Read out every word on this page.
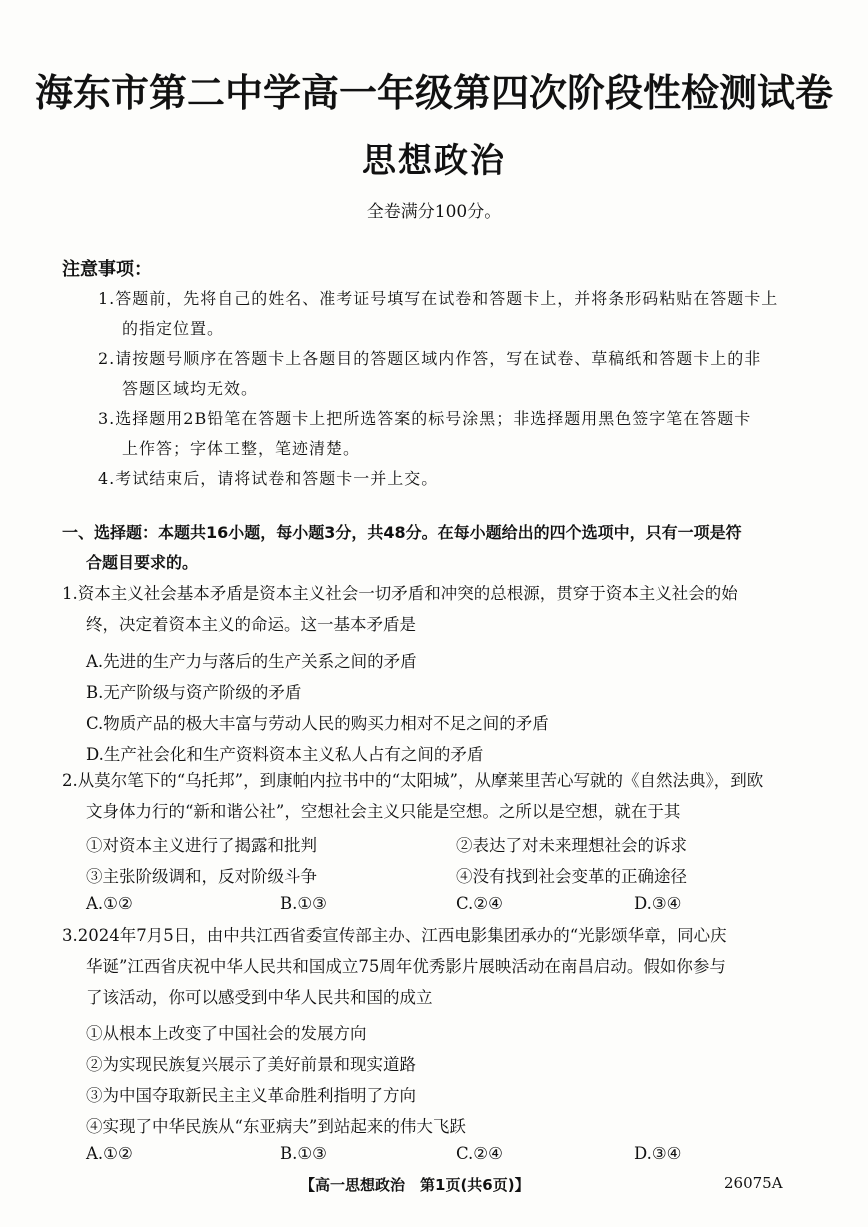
海东市第二中学高一年级第四次阶段性检测试卷
思想政治
全卷满分100分。
注意事项：
1.答题前，先将自己的姓名、准考证号填写在试卷和答题卡上，并将条形码粘贴在答题卡上
的指定位置。
2.请按题号顺序在答题卡上各题目的答题区域内作答，写在试卷、草稿纸和答题卡上的非
答题区域均无效。
3.选择题用2B铅笔在答题卡上把所选答案的标号涂黑；非选择题用黑色签字笔在答题卡
上作答；字体工整，笔迹清楚。
4.考试结束后，请将试卷和答题卡一并上交。
一、选择题：本题共16小题，每小题3分，共48分。在每小题给出的四个选项中，只有一项是符
合题目要求的。
1.资本主义社会基本矛盾是资本主义社会一切矛盾和冲突的总根源，贯穿于资本主义社会的始
终，决定着资本主义的命运。这一基本矛盾是
A.先进的生产力与落后的生产关系之间的矛盾
B.无产阶级与资产阶级的矛盾
C.物质产品的极大丰富与劳动人民的购买力相对不足之间的矛盾
D.生产社会化和生产资料资本主义私人占有之间的矛盾
2.从莫尔笔下的“乌托邦”，到康帕内拉书中的“太阳城”，从摩莱里苦心写就的《自然法典》，到欧
文身体力行的“新和谐公社”，空想社会主义只能是空想。之所以是空想，就在于其
①对资本主义进行了揭露和批判	②表达了对未来理想社会的诉求
③主张阶级调和，反对阶级斗争	④没有找到社会变革的正确途径
A.①②	B.①③	C.②④	D.③④
3.2024年7月5日，由中共江西省委宣传部主办、江西电影集团承办的“光影颂华章，同心庆
华诞”江西省庆祝中华人民共和国成立75周年优秀影片展映活动在南昌启动。假如你参与
了该活动，你可以感受到中华人民共和国的成立
①从根本上改变了中国社会的发展方向
②为实现民族复兴展示了美好前景和现实道路
③为中国夺取新民主主义革命胜利指明了方向
④实现了中华民族从“东亚病夫”到站起来的伟大飞跃
A.①②	B.①③	C.②④	D.③④
【高一思想政治　第1页(共6页)】	26075A
